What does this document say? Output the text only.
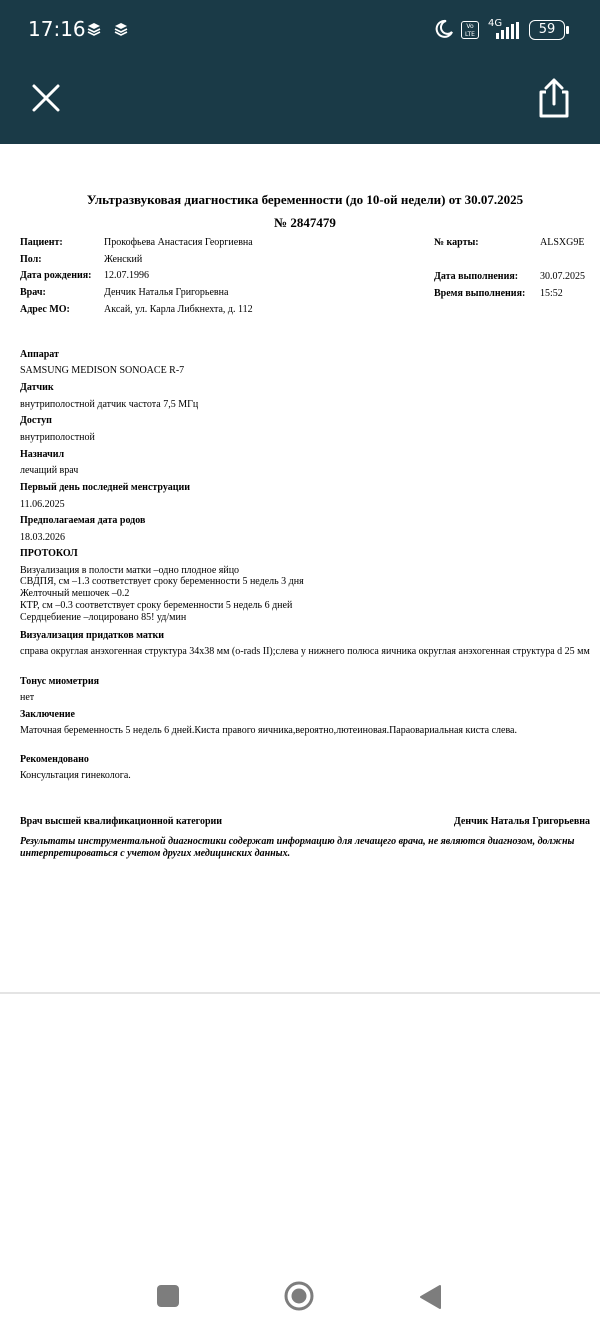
17:16	Vo LTE
4G	59
Ультразвуковая диагностика беременности (до 10-ой недели) от 30.07.2025
№ 2847479
Пациент:	Прокофьева Анастасия Георгиевна	№ карты:	ALSXG9E
Пол:	Женский
Дата рождения: 12.07.1996	Дата выполнения: 30.07.2025
Врач:	Денчик Наталья Григорьевна	Время выполнения: 15:52
Адрес МО:	Аксай, ул. Карла Либкнехта, д. 112
Аппарат
SAMSUNG MEDISON SONOACE R-7
Датчик
внутриполостной датчик частота 7,5 МГц
Доступ
внутриполостной
Назначил
лечащий врач
Первый день последней менструации
11.06.2025
Предполагаемая дата родов
18.03.2026
ПРОТОКОЛ
Визуализация в полости матки –одно плодное яйцо
СВДПЯ, см –1.3 соответствует сроку беременности 5 недель 3 дня
Желточный мешочек –0.2
КТР, см –0.3 соответствует сроку беременности 5 недель 6 дней
Сердцебиение –лоцировано 85! уд/мин
Визуализация придатков матки
справа округлая анэхогенная структура 34х38 мм (o-rads II);слева у нижнего полюса яичника округлая анэхогенная структура d 25 мм
Тонус миометрия
нет
Заключение
Маточная беременность 5 недель 6 дней.Киста правого яичника,вероятно,лютеиновая.Параовариальная киста слева.
Рекомендовано
Консультация гинеколога.
Врач высшей квалификационной категории	Денчик Наталья Григорьевна
Результаты инструментальной диагностики содержат информацию для лечащего врача, не являются диагнозом, должны интерпретироваться с учетом других медицинских данных.
